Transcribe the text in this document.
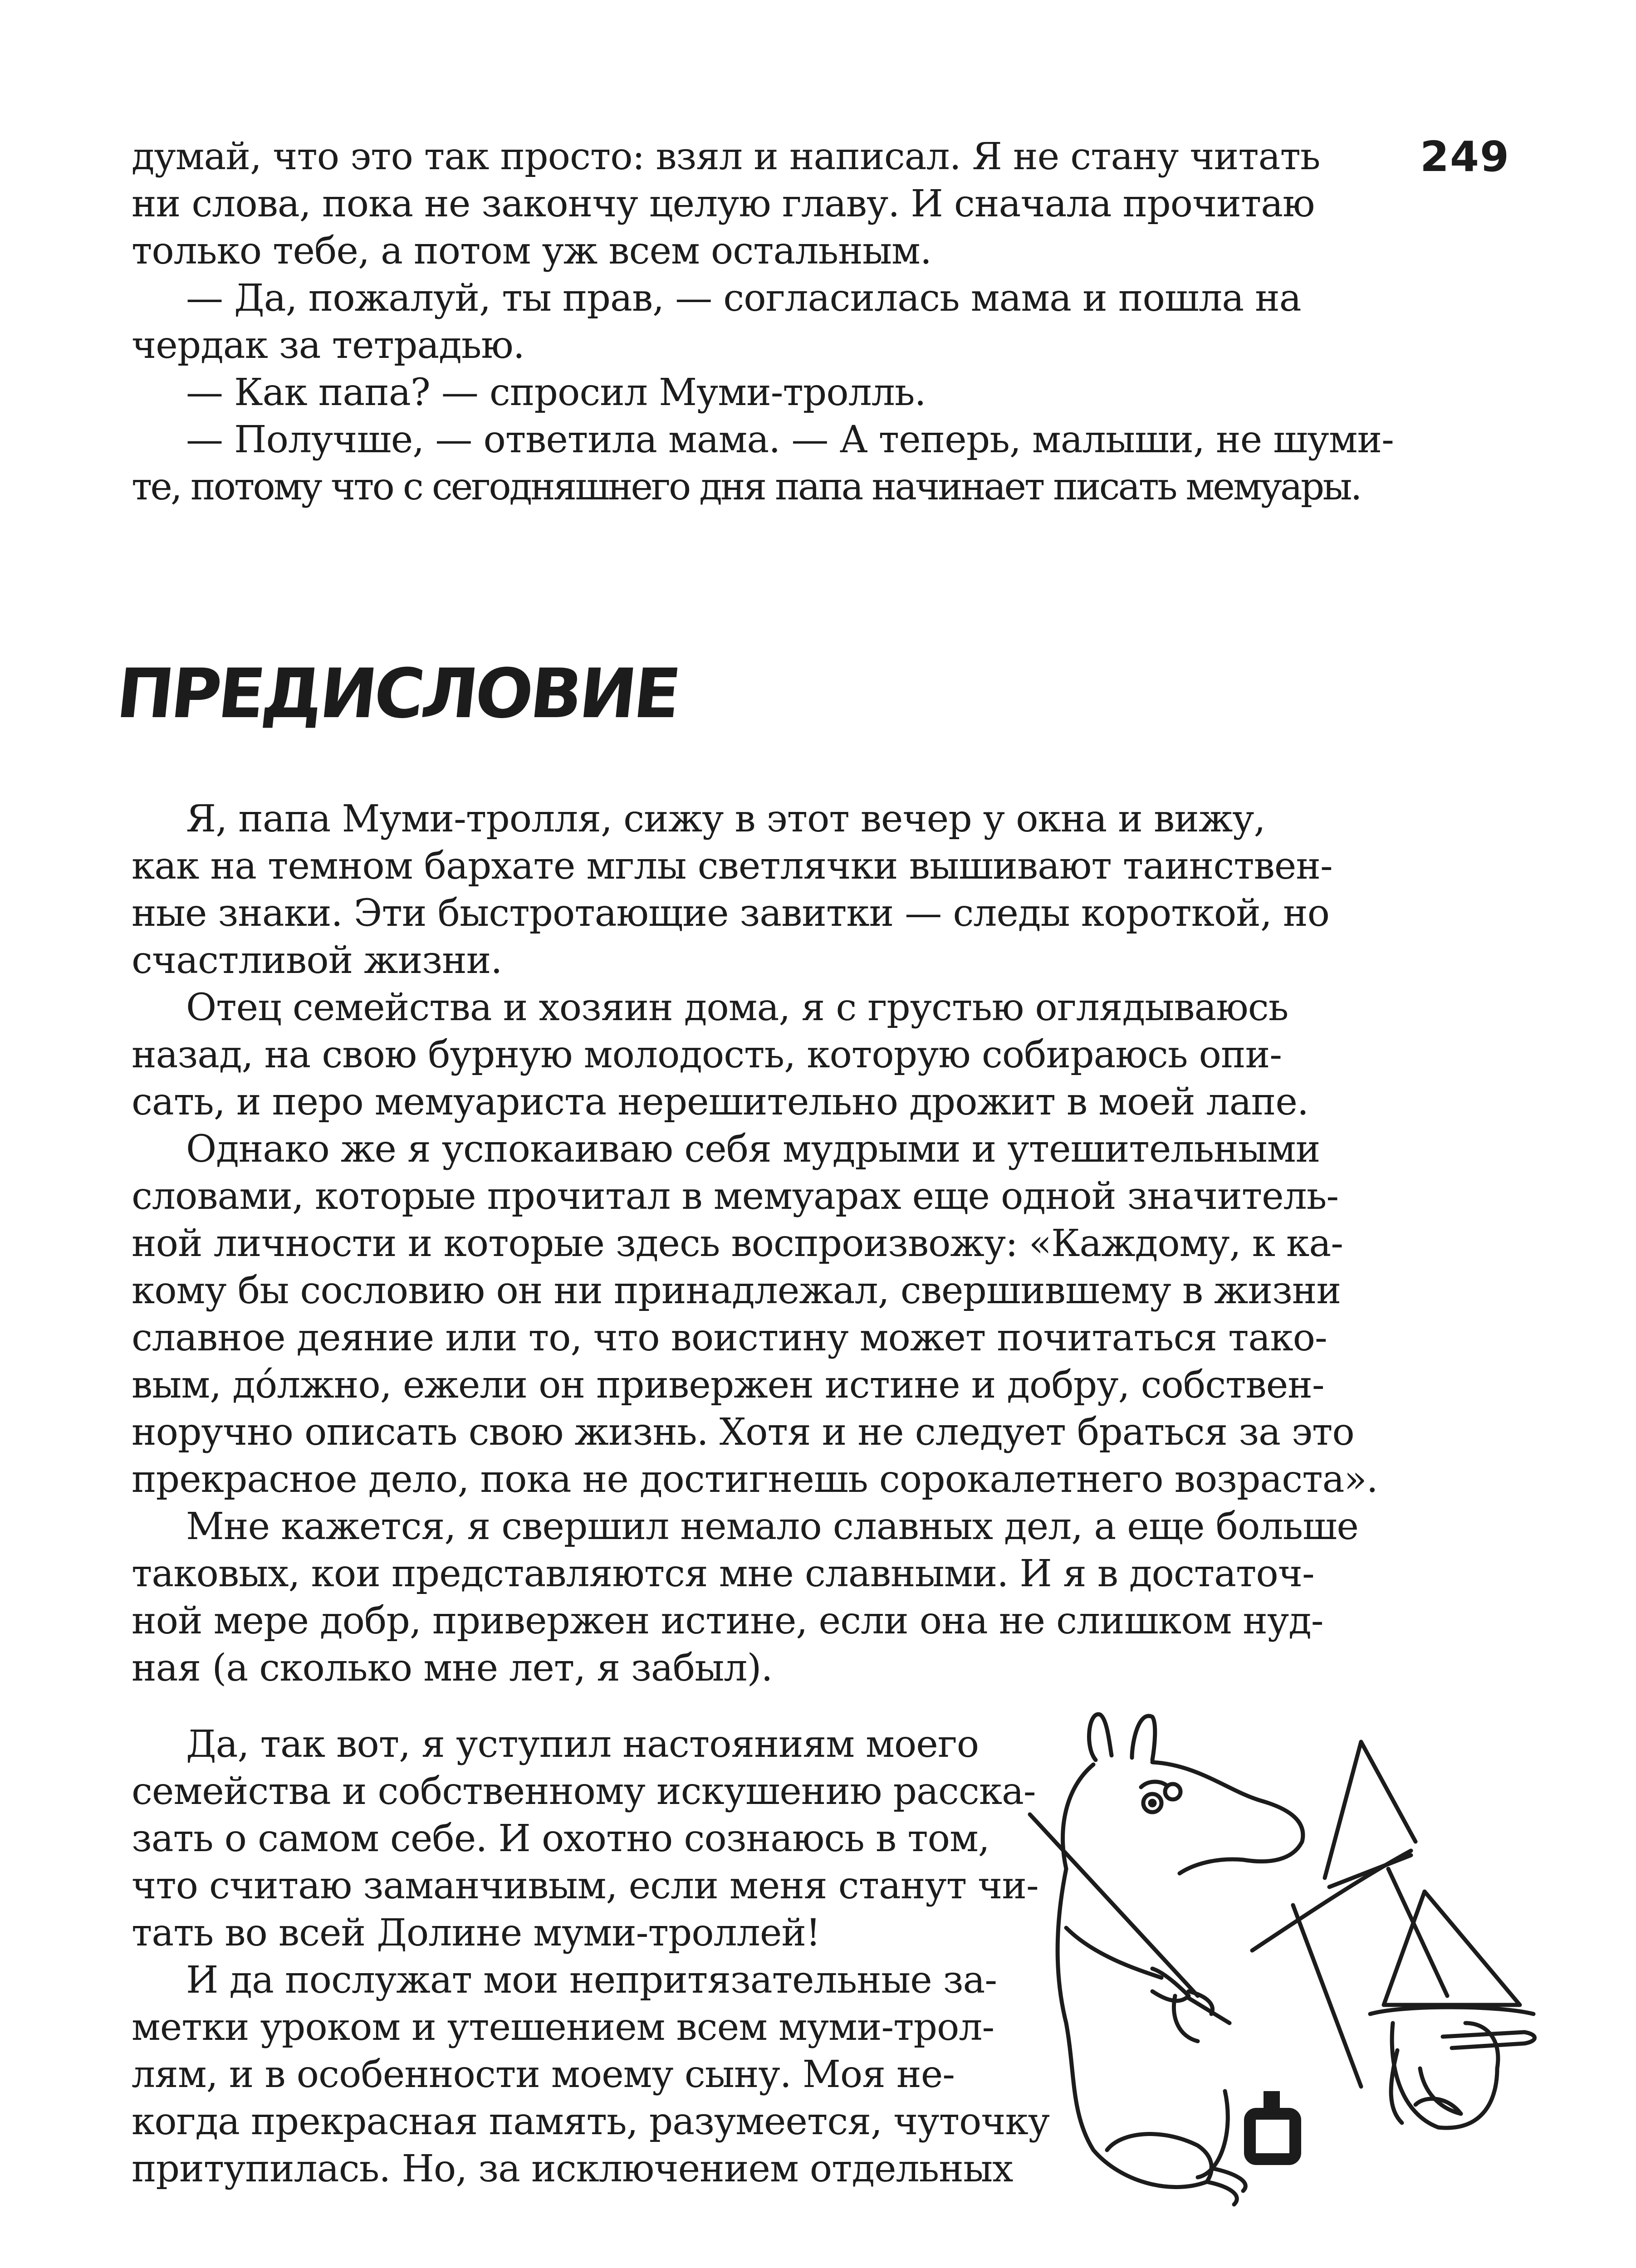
249
думай, что это так просто: взял и написал. Я не стану читать
ни слова, пока не закончу целую главу. И сначала прочитаю
только тебе, а потом уж всем остальным.
— Да, пожалуй, ты прав, — согласилась мама и пошла на
чердак за тетрадью.
— Как папа? — спросил Муми-тролль.
— Получше, — ответила мама. — А теперь, малыши, не шуми-
те, потому что с сегодняшнего дня папа начинает писать мемуары.
ПРЕДИСЛОВИЕ
Я, папа Муми-тролля, сижу в этот вечер у окна и вижу,
как на темном бархате мглы светлячки вышивают таинствен-
ные знаки. Эти быстротающие завитки — следы короткой, но
счастливой жизни.
Отец семейства и хозяин дома, я с грустью оглядываюсь
назад, на свою бурную молодость, которую собираюсь опи-
сать, и перо мемуариста нерешительно дрожит в моей лапе.
Однако же я успокаиваю себя мудрыми и утешительными
словами, которые прочитал в мемуарах еще одной значитель-
ной личности и которые здесь воспроизвожу: «Каждому, к ка-
кому бы сословию он ни принадлежал, свершившему в жизни
славное деяние или то, что воистину может почитаться тако-
вым, до́лжно, ежели он привержен истине и добру, собствен-
норучно описать свою жизнь. Хотя и не следует браться за это
прекрасное дело, пока не достигнешь сорокалетнего возраста».
Мне кажется, я свершил немало славных дел, а еще больше
таковых, кои представляются мне славными. И я в достаточ-
ной мере добр, привержен истине, если она не слишком нуд-
ная (а сколько мне лет, я забыл).
Да, так вот, я уступил настояниям моего
семейства и собственному искушению расска-
зать о самом себе. И охотно сознаюсь в том,
что считаю заманчивым, если меня станут чи-
тать во всей Долине муми-троллей!
И да послужат мои непритязательные за-
метки уроком и утешением всем муми-трол-
лям, и в особенности моему сыну. Моя не-
когда прекрасная память, разумеется, чуточку
притупилась. Но, за исключением отдельных
